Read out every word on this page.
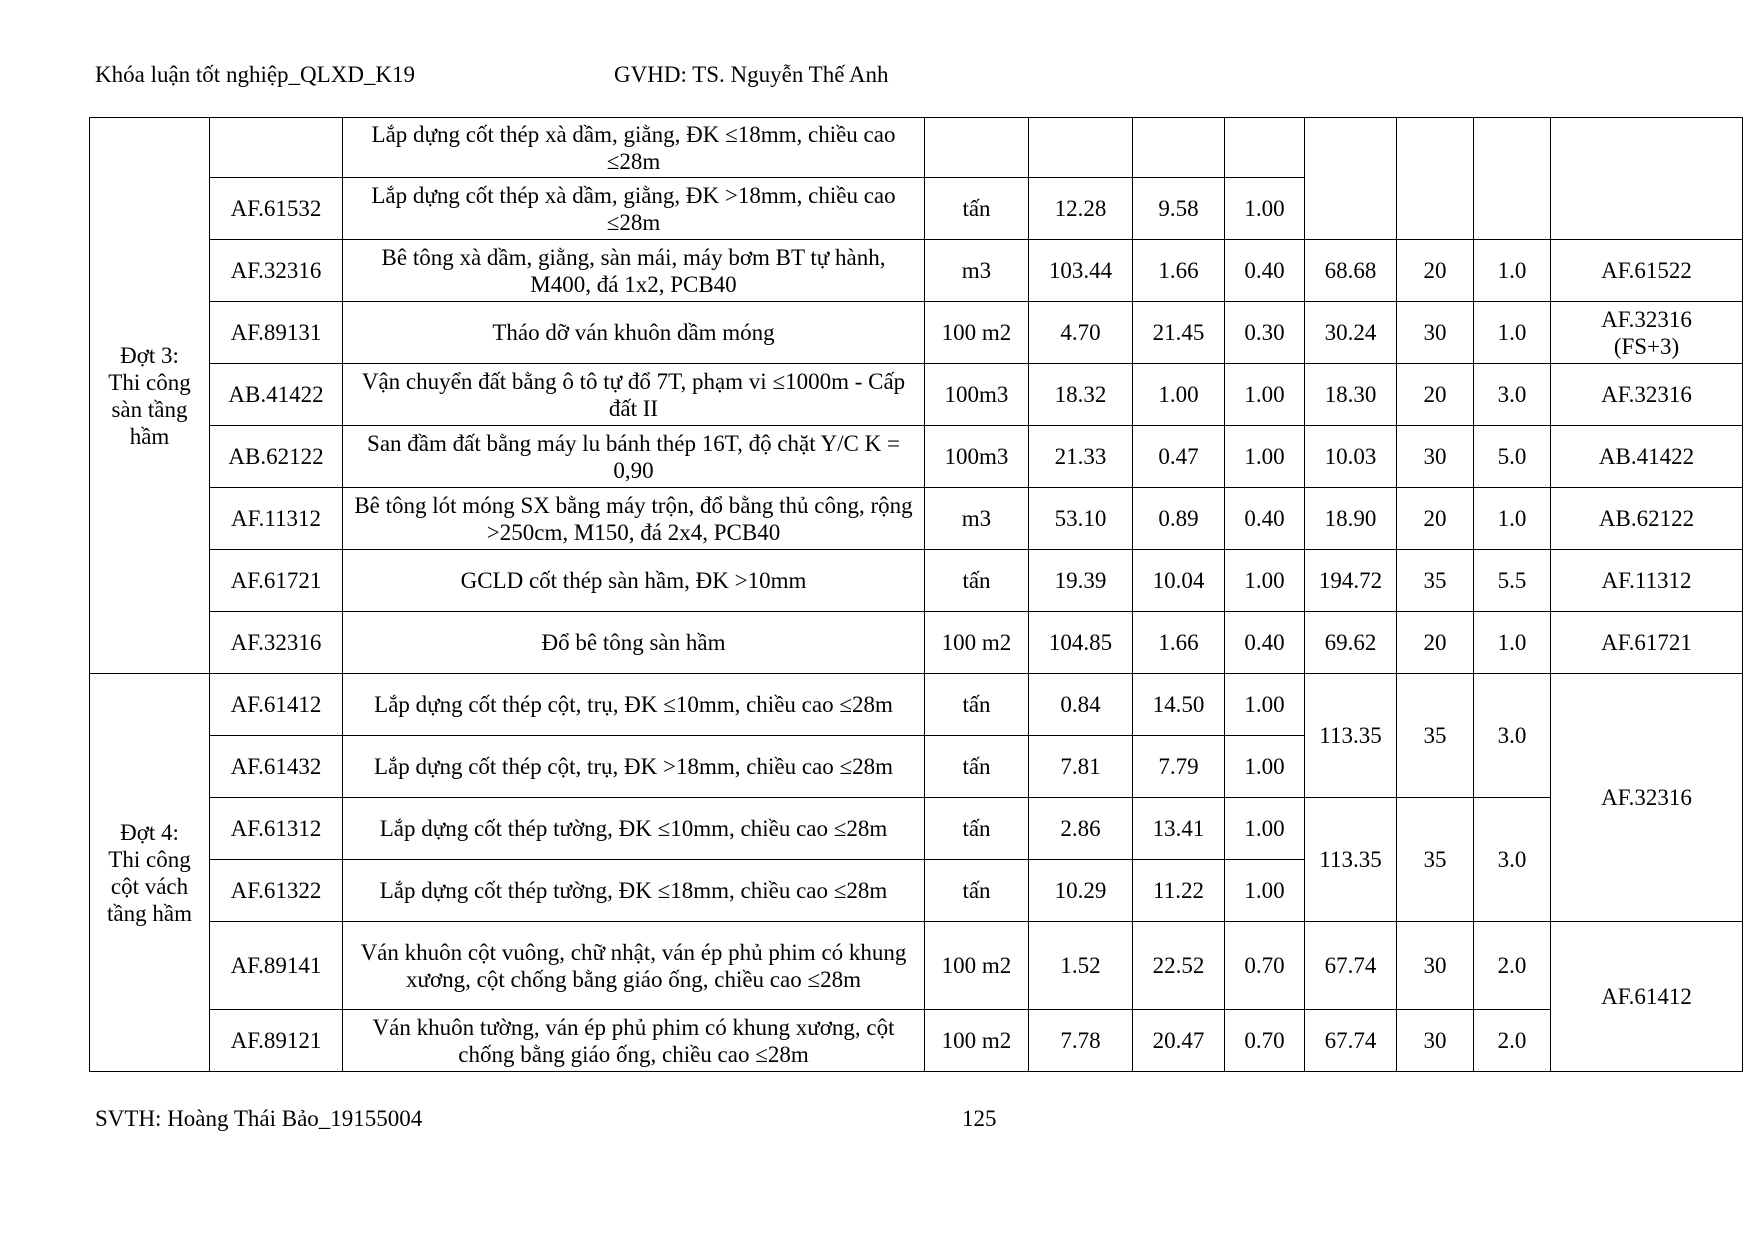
Khóa luận tốt nghiệp_QLXD_K19	GVHD: TS. Nguyễn Thế Anh
Đợt 3:
Thi công
sàn tầng
hầm		Lắp dựng cốt thép xà dầm, giằng, ĐK ≤18mm, chiều cao ≤28m								
	AF.61532	Lắp dựng cốt thép xà dầm, giằng, ĐK >18mm, chiều cao ≤28m	tấn	12.28	9.58	1.00				
	AF.32316	Bê tông xà dầm, giằng, sàn mái, máy bơm BT tự hành, M400, đá 1x2, PCB40	m3	103.44	1.66	0.40	68.68	20	1.0	AF.61522
	AF.89131	Tháo dỡ ván khuôn dầm móng	100 m2	4.70	21.45	0.30	30.24	30	1.0	AF.32316
(FS+3)

	AB.41422	Vận chuyển đất bằng ô tô tự đổ 7T, phạm vi ≤1000m - Cấp đất II	100m3	18.32	1.00	1.00	18.30	20	3.0	AF.32316
	AB.62122	San đầm đất bằng máy lu bánh thép 16T, độ chặt Y/C K = 0,90	100m3	21.33	0.47	1.00	10.03	30	5.0	AB.41422
	AF.11312	Bê tông lót móng SX bằng máy trộn, đổ bằng thủ công, rộng >250cm, M150, đá 2x4, PCB40	m3	53.10	0.89	0.40	18.90	20	1.0	AB.62122
	AF.61721	GCLD cốt thép sàn hầm, ĐK >10mm	tấn	19.39	10.04	1.00	194.72	35	5.5	AF.11312
	AF.32316	Đổ bê tông sàn hầm	100 m2	104.85	1.66	0.40	69.62	20	1.0	AF.61721

Đợt 4:
Thi công
cột vách
tầng hầm	AF.61412	Lắp dựng cốt thép cột, trụ, ĐK ≤10mm, chiều cao ≤28m	tấn	0.84	14.50	1.00	113.35	35	3.0	AF.32316
	AF.61432	Lắp dựng cốt thép cột, trụ, ĐK >18mm, chiều cao ≤28m	tấn	7.81	7.79	1.00				
	AF.61312	Lắp dựng cốt thép tường, ĐK ≤10mm, chiều cao ≤28m	tấn	2.86	13.41	1.00	113.35	35	3.0	
	AF.61322	Lắp dựng cốt thép tường, ĐK ≤18mm, chiều cao ≤28m	tấn	10.29	11.22	1.00				
	AF.89141	Ván khuôn cột vuông, chữ nhật, ván ép phủ phim có khung xương, cột chống bằng giáo ống, chiều cao ≤28m	100 m2	1.52	22.52	0.70	67.74	30	2.0	AF.61412
	AF.89121	Ván khuôn tường, ván ép phủ phim có khung xương, cột chống bằng giáo ống, chiều cao ≤28m	100 m2	7.78	20.47	0.70	67.74	30	2.0	
SVTH: Hoàng Thái Bảo_19155004	125
